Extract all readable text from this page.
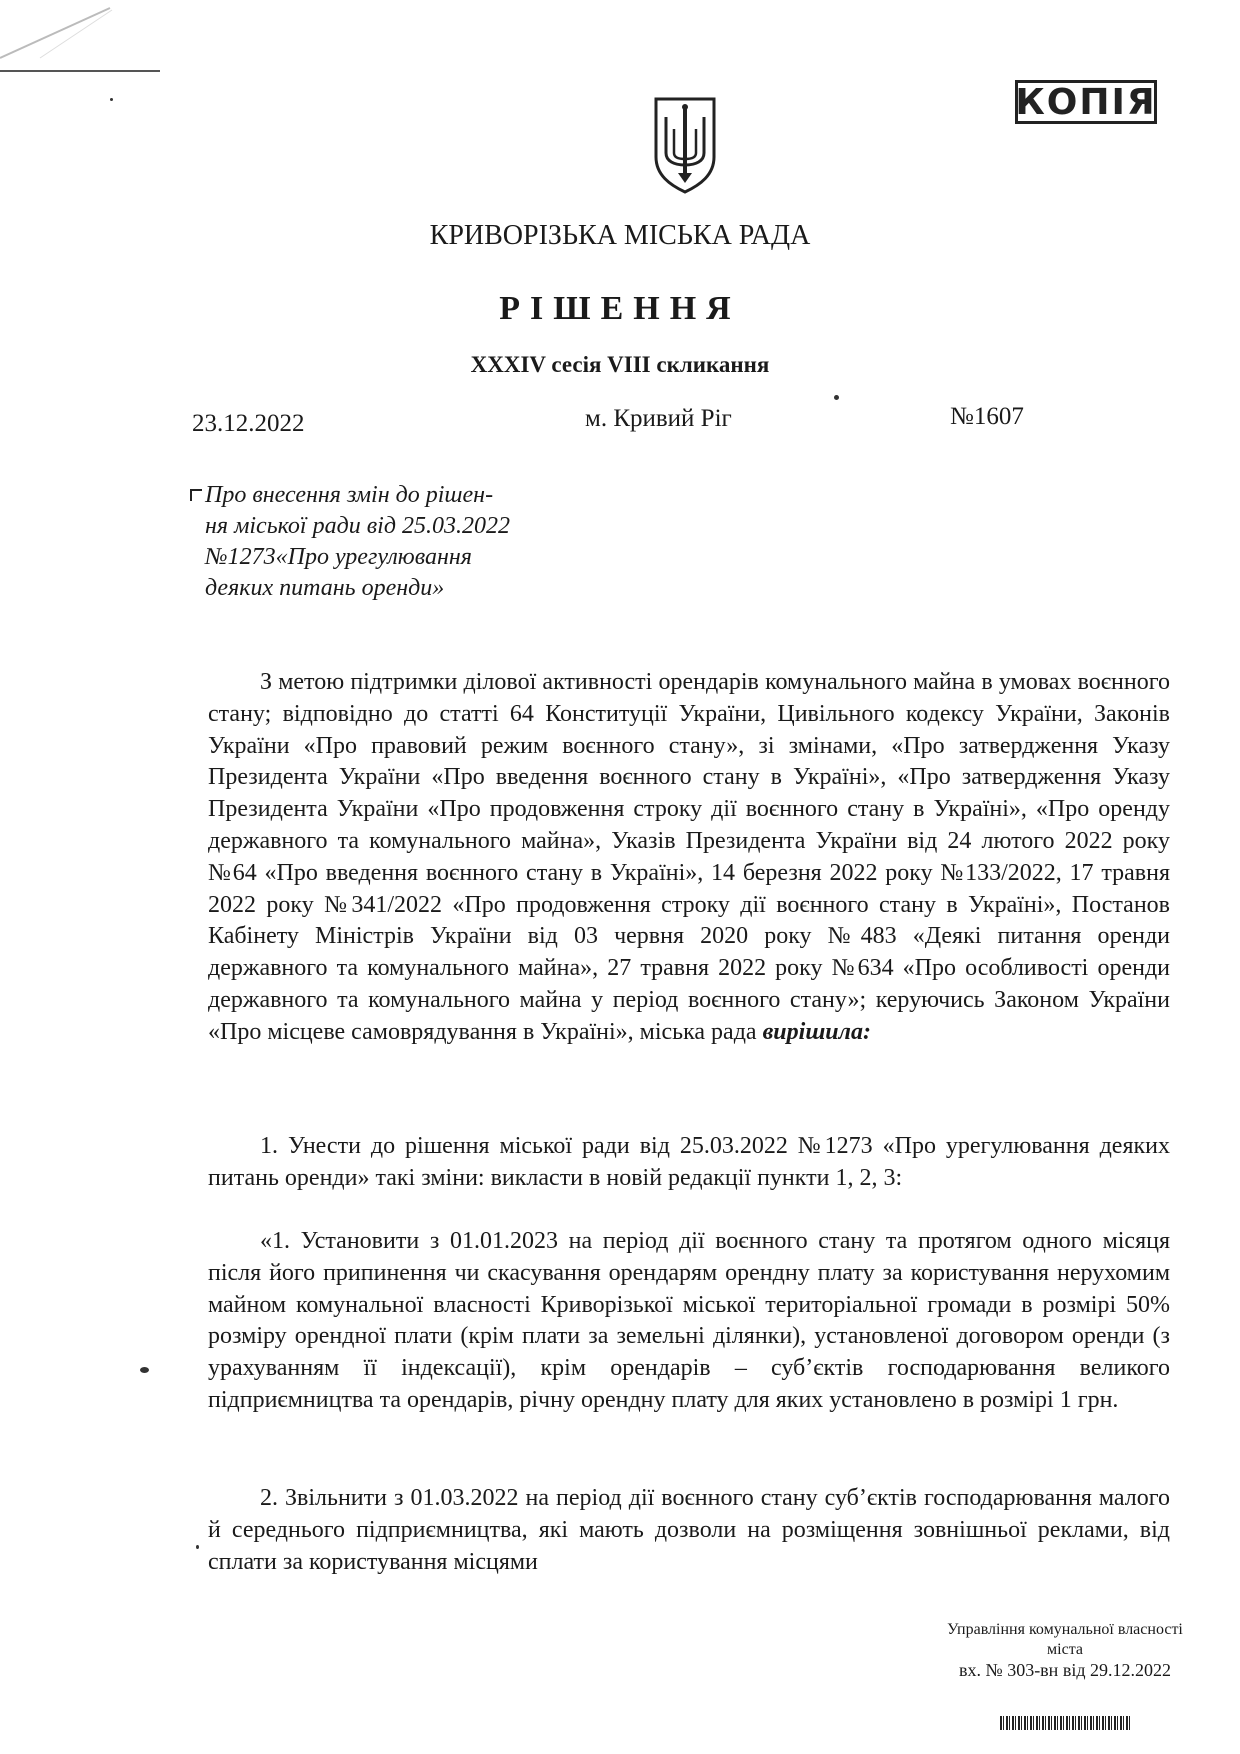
КОПІЯ
КРИВОРІЗЬКА МІСЬКА РАДА
РІШЕННЯ
XXXIV сесія VIII скликання
23.12.2022	м. Кривий Ріг	№1607
Про внесення змін до рішен-
ня міської ради від 25.03.2022
№1273«Про урегулювання
деяких питань оренди»

З метою підтримки ділової активності орендарів комунального майна в умовах воєнного стану; відповідно до статті 64 Конституції України, Цивільного кодексу України, Законів України «Про правовий режим воєнного стану», зі змінами, «Про затвердження Указу Президента України «Про введення воєнного стану в Україні», «Про затвердження Указу Президента України «Про продовження строку дії воєнного стану в Україні», «Про оренду державного та комунального майна», Указів Президента України від 24 лютого 2022 року №64 «Про введення воєнного стану в Україні», 14 березня 2022 року №133/2022, 17 травня 2022 року №341/2022 «Про продовження строку дії воєнного стану в Україні», Постанов Кабінету Міністрів України від 03 червня 2020 року №483 «Деякі питання оренди державного та комунального майна», 27 травня 2022 року №634 «Про особливості оренди державного та комунального майна у період воєнного стану»; керуючись Законом України «Про місцеве самоврядування в Україні», міська рада вирішила:

1. Унести до рішення міської ради від 25.03.2022 №1273 «Про урегулювання деяких питань оренди» такі зміни: викласти в новій редакції пункти 1, 2, 3:

«1. Установити з 01.01.2023 на період дії воєнного стану та протягом одного місяця після його припинення чи скасування орендарям орендну плату за користування нерухомим майном комунальної власності Криворізької міської територіальної громади в розмірі 50% розміру орендної плати (крім плати за земельні ділянки), установленої договором оренди (з урахуванням її індексації), крім орендарів – суб’єктів господарювання великого підприємництва та орендарів, річну орендну плату для яких установлено в розмірі 1 грн.

2. Звільнити з 01.03.2022 на період дії воєнного стану суб’єктів господарювання малого й середнього підприємництва, які мають дозволи на розміщення зовнішньої реклами, від сплати за користування місцями

Управління комунальної власності
міста
вх. № 303-вн від 29.12.2022
